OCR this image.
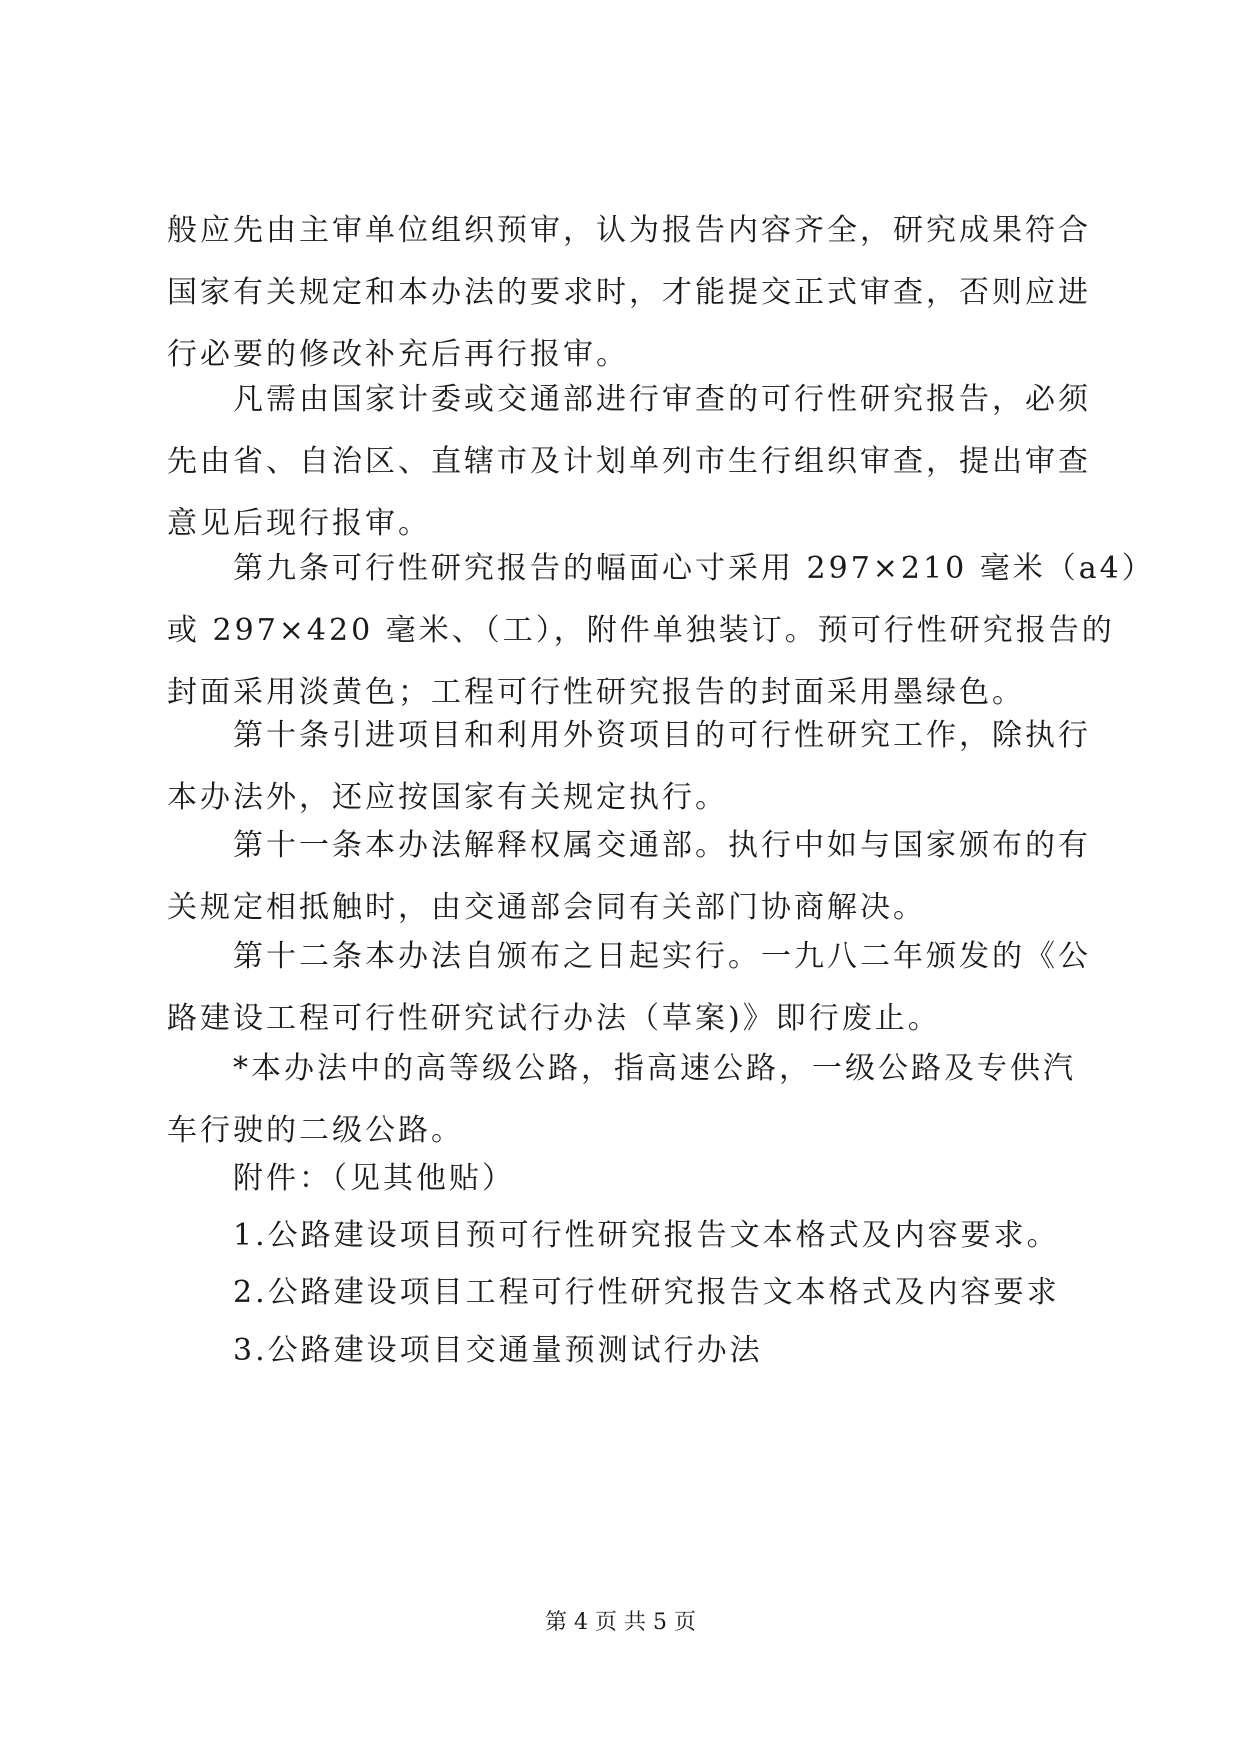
般应先由主审单位组织预审，认为报告内容齐全，研究成果符合
国家有关规定和本办法的要求时，才能提交正式审查，否则应进
行必要的修改补充后再行报审。
凡需由国家计委或交通部进行审查的可行性研究报告，必须
先由省、自治区、直辖市及计划单列市生行组织审查，提出审查
意见后现行报审。
第九条可行性研究报告的幅面心寸采用 297×210 毫米（a4）
或 297×420 毫米、（工），附件单独装订。预可行性研究报告的
封面采用淡黄色；工程可行性研究报告的封面采用墨绿色。
第十条引进项目和利用外资项目的可行性研究工作，除执行
本办法外，还应按国家有关规定执行。
第十一条本办法解释权属交通部。执行中如与国家颁布的有
关规定相抵触时，由交通部会同有关部门协商解决。
第十二条本办法自颁布之日起实行。一九八二年颁发的《公
路建设工程可行性研究试行办法（草案)》即行废止。
*本办法中的高等级公路，指高速公路，一级公路及专供汽
车行驶的二级公路。
附件：（见其他贴）
1.公路建设项目预可行性研究报告文本格式及内容要求。
2.公路建设项目工程可行性研究报告文本格式及内容要求
3.公路建设项目交通量预测试行办法
第 4 页 共 5 页
